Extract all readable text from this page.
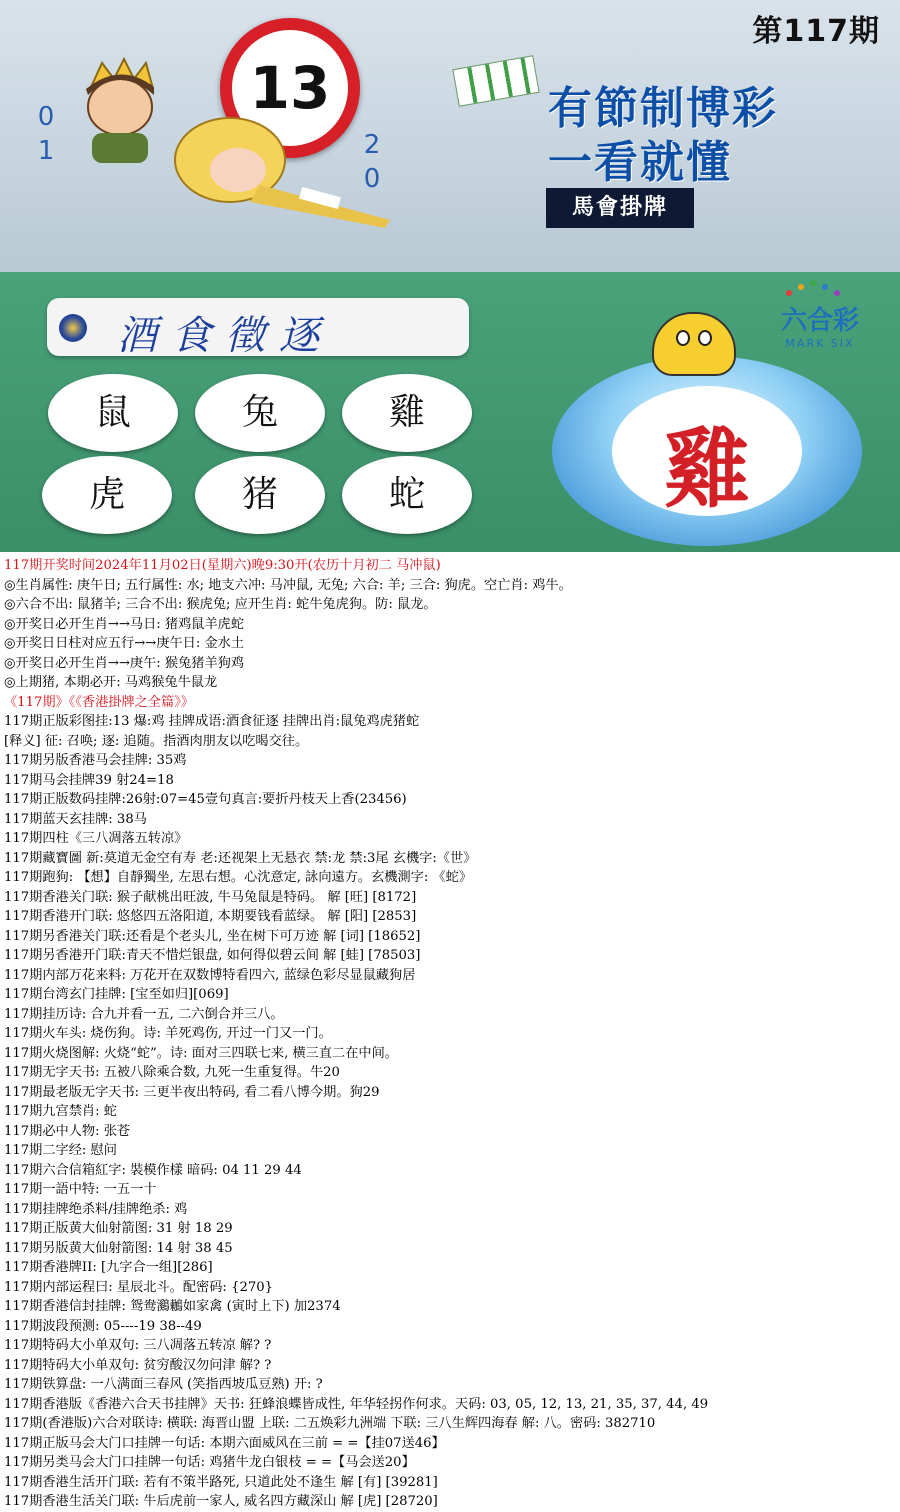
第117期
0
1	2
0
13	有節制博彩
一看就懂
馬會掛牌
酒食徵逐
鼠	兔	雞
虎	猪	蛇
六合彩
MARK SIX
雞
117期开奖时间2024年11月02日(星期六)晚9:30开(农历十月初二 马冲鼠)
◎生肖属性: 庚午日; 五行属性: 水; 地支六冲: 马冲鼠, 无兔; 六合: 羊; 三合: 狗虎。空亡肖: 鸡牛。
◎六合不出: 鼠猪羊; 三合不出: 猴虎兔; 应开生肖: 蛇牛兔虎狗。防: 鼠龙。
◎开奖日必开生肖→→马日: 猪鸡鼠羊虎蛇
◎开奖日日柱对应五行→→庚午日: 金水土
◎开奖日必开生肖→→庚午: 猴兔猪羊狗鸡
◎上期猪, 本期必开: 马鸡猴兔牛鼠龙
《117期》《《香港掛牌之全篇》》
117期正版彩图挂:13 爆:鸡 挂牌成语:酒食征逐 挂牌出肖:鼠兔鸡虎猪蛇
[释义] 征: 召唤; 逐: 追随。指酒肉朋友以吃喝交往。
117期另版香港马会挂牌: 35鸡
117期马会挂牌39 射24=18
117期正版数码挂牌:26射:07=45壹句真言:要折丹枝天上香(23456)
117期蓝天玄挂牌: 38马
117期四柱《三八凋落五转凉》
117期藏寶圖 新:莫道无金空有寿 老:还视架上无悬衣 禁:龙 禁:3尾 玄機字:《世》
117期跑狗: 【想】自靜獨坐, 左思右想。心沈意定, 詠向遠方。玄機測字: 《蛇》
117期香港关门联: 猴子献桃出旺波, 牛马兔鼠是特码。 解 [旺] [8172]
117期香港开门联: 悠悠四五洛阳道, 本期要钱看蓝绿。 解 [阳] [2853]
117期另香港关门联:还看是个老头儿, 坐在树下可万迹 解 [词] [18652]
117期另香港开门联:青天不惜烂银盘, 如何得似碧云间 解 [蛙] [78503]
117期内部万花来料: 万花开在双数博特看四六, 蓝绿色彩尽显鼠藏狗居
117期台湾玄门挂牌: [宝至如归][069]
117期挂历诗: 合九并看一五, 二六倒合并三八。
117期火车头: 烧伤狗。诗: 羊死鸡伤, 开过一门又一门。
117期火烧图解: 火烧“蛇”。诗: 面对三四联七来, 横三直二在中间。
117期无字天书: 五被八除乘合数, 九死一生重复得。牛20
117期最老版无字天书: 三更半夜出特码, 看二看八博今期。狗29
117期九宫禁肖: 蛇
117期必中人物: 张苍
117期二字经: 慰问
117期六合信箱紅字: 裝模作樣 暗码: 04 11 29 44
117期一語中特: 一五一十
117期挂牌绝杀料/挂牌绝杀: 鸡
117期正版黄大仙射箭图: 31 射 18 29
117期另版黄大仙射箭图: 14 射 38 45
117期香港牌II: [九字合一组][286]
117期内部运程曰: 星辰北斗。配密码: {270}
117期香港信封挂牌: 鸳鸯鸂鶒如家禽 (寅时上下) 加2374
117期波段预测: 05----19 38--49
117期特码大小单双句: 三八凋落五转凉 解? ?
117期特码大小单双句: 贫穷酸汉勿问津 解? ?
117期铁算盘: 一八满面三春风 (笑指西坡瓜豆熟) 开: ?
117期香港版《香港六合天书挂牌》天书: 狂蜂浪蝶皆成性, 年华轻拐作何求。天码: 03, 05, 12, 13, 21, 35, 37, 44, 49
117期(香港版)六合对联诗: 横联: 海晋山盟 上联: 二五焕彩九洲端 下联: 三八生辉四海春 解: 八。密码: 382710
117期正版马会大门口挂牌一句话: 本期六面威风在三前 = =【挂07送46】
117期另类马会大门口挂牌一句话: 鸡猪牛龙白银枝 = =【马会送20】
117期香港生活开门联: 若有不策半路死, 只道此处不逢生 解 [有] [39281]
117期香港生活关门联: 牛后虎前一家人, 威名四方藏深山 解 [虎] [28720]
